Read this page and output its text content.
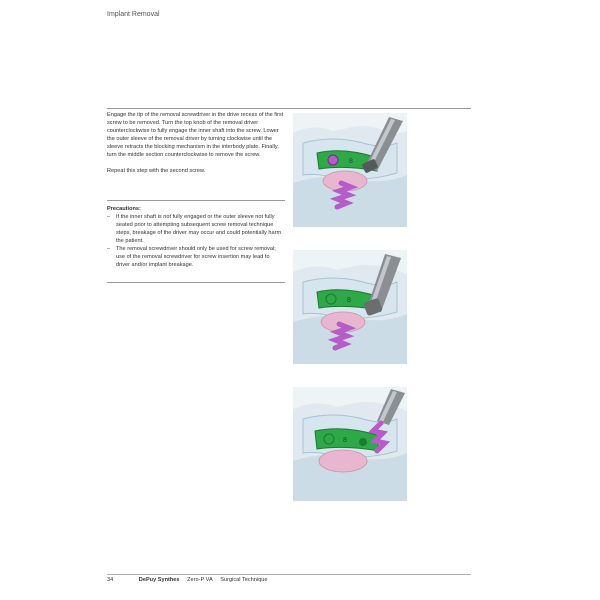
Implant Removal

Engage the tip of the removal screwdriver in the drive recess of the first screw to be removed. Turn the top knob of the removal driver counterclockwise to fully engage the inner shaft into the screw. Lower the outer sleeve of the removal driver by turning clockwise until the sleeve retracts the blocking mechanism in the interbody plate. Finally, turn the middle section counterclockwise to remove the screw.

Repeat this step with the second screw.

Precautions:

– If the inner shaft is not fully engaged or the outer sleeve not fully seated prior to attempting subsequent screw removal technique steps, breakage of the driver may occur and could potentially harm the patient.
– The removal screwdriver should only be used for screw removal; use of the removal screwdriver for screw insertion may lead to driver and/or implant breakage.
8
8
8
34	DePuy Synthes Zero-P VA Surgical Technique
